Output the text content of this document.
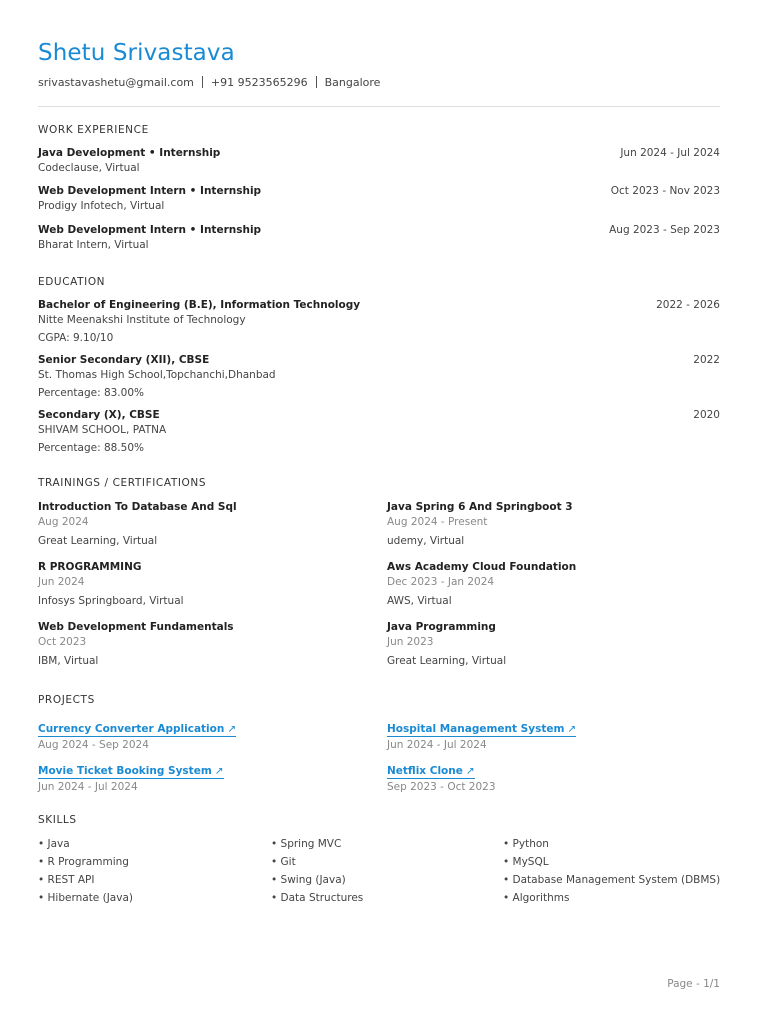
Shetu Srivastava
srivastavashetu@gmail.com +91 9523565296 Bangalore
WORK EXPERIENCE
Java Development • Internship	Jun 2024 - Jul 2024
Codeclause, Virtual
Web Development Intern • Internship	Oct 2023 - Nov 2023
Prodigy Infotech, Virtual
Web Development Intern • Internship	Aug 2023 - Sep 2023
Bharat Intern, Virtual
EDUCATION
Bachelor of Engineering (B.E), Information Technology	2022 - 2026
Nitte Meenakshi Institute of Technology
CGPA: 9.10/10
Senior Secondary (XII), CBSE	2022
St. Thomas High School,Topchanchi,Dhanbad
Percentage: 83.00%
Secondary (X), CBSE	2020
SHIVAM SCHOOL, PATNA
Percentage: 88.50%
TRAININGS / CERTIFICATIONS
Introduction To Database And Sql
Aug 2024
Great Learning, Virtual
Java Spring 6 And Springboot 3
Aug 2024 - Present
udemy, Virtual
R PROGRAMMING
Jun 2024
Infosys Springboard, Virtual
Aws Academy Cloud Foundation
Dec 2023 - Jan 2024
AWS, Virtual
Web Development Fundamentals
Oct 2023
IBM, Virtual
Java Programming
Jun 2023
Great Learning, Virtual
PROJECTS
Currency Converter Application ↗
Aug 2024 - Sep 2024
Hospital Management System ↗
Jun 2024 - Jul 2024
Movie Ticket Booking System ↗
Jun 2024 - Jul 2024
Netflix Clone ↗
Sep 2023 - Oct 2023
SKILLS
• Java	• Spring MVC	• Python
• R Programming	• Git	• MySQL
• REST API	• Swing (Java)	• Database Management System (DBMS)
• Hibernate (Java)	• Data Structures	• Algorithms
Page - 1/1
